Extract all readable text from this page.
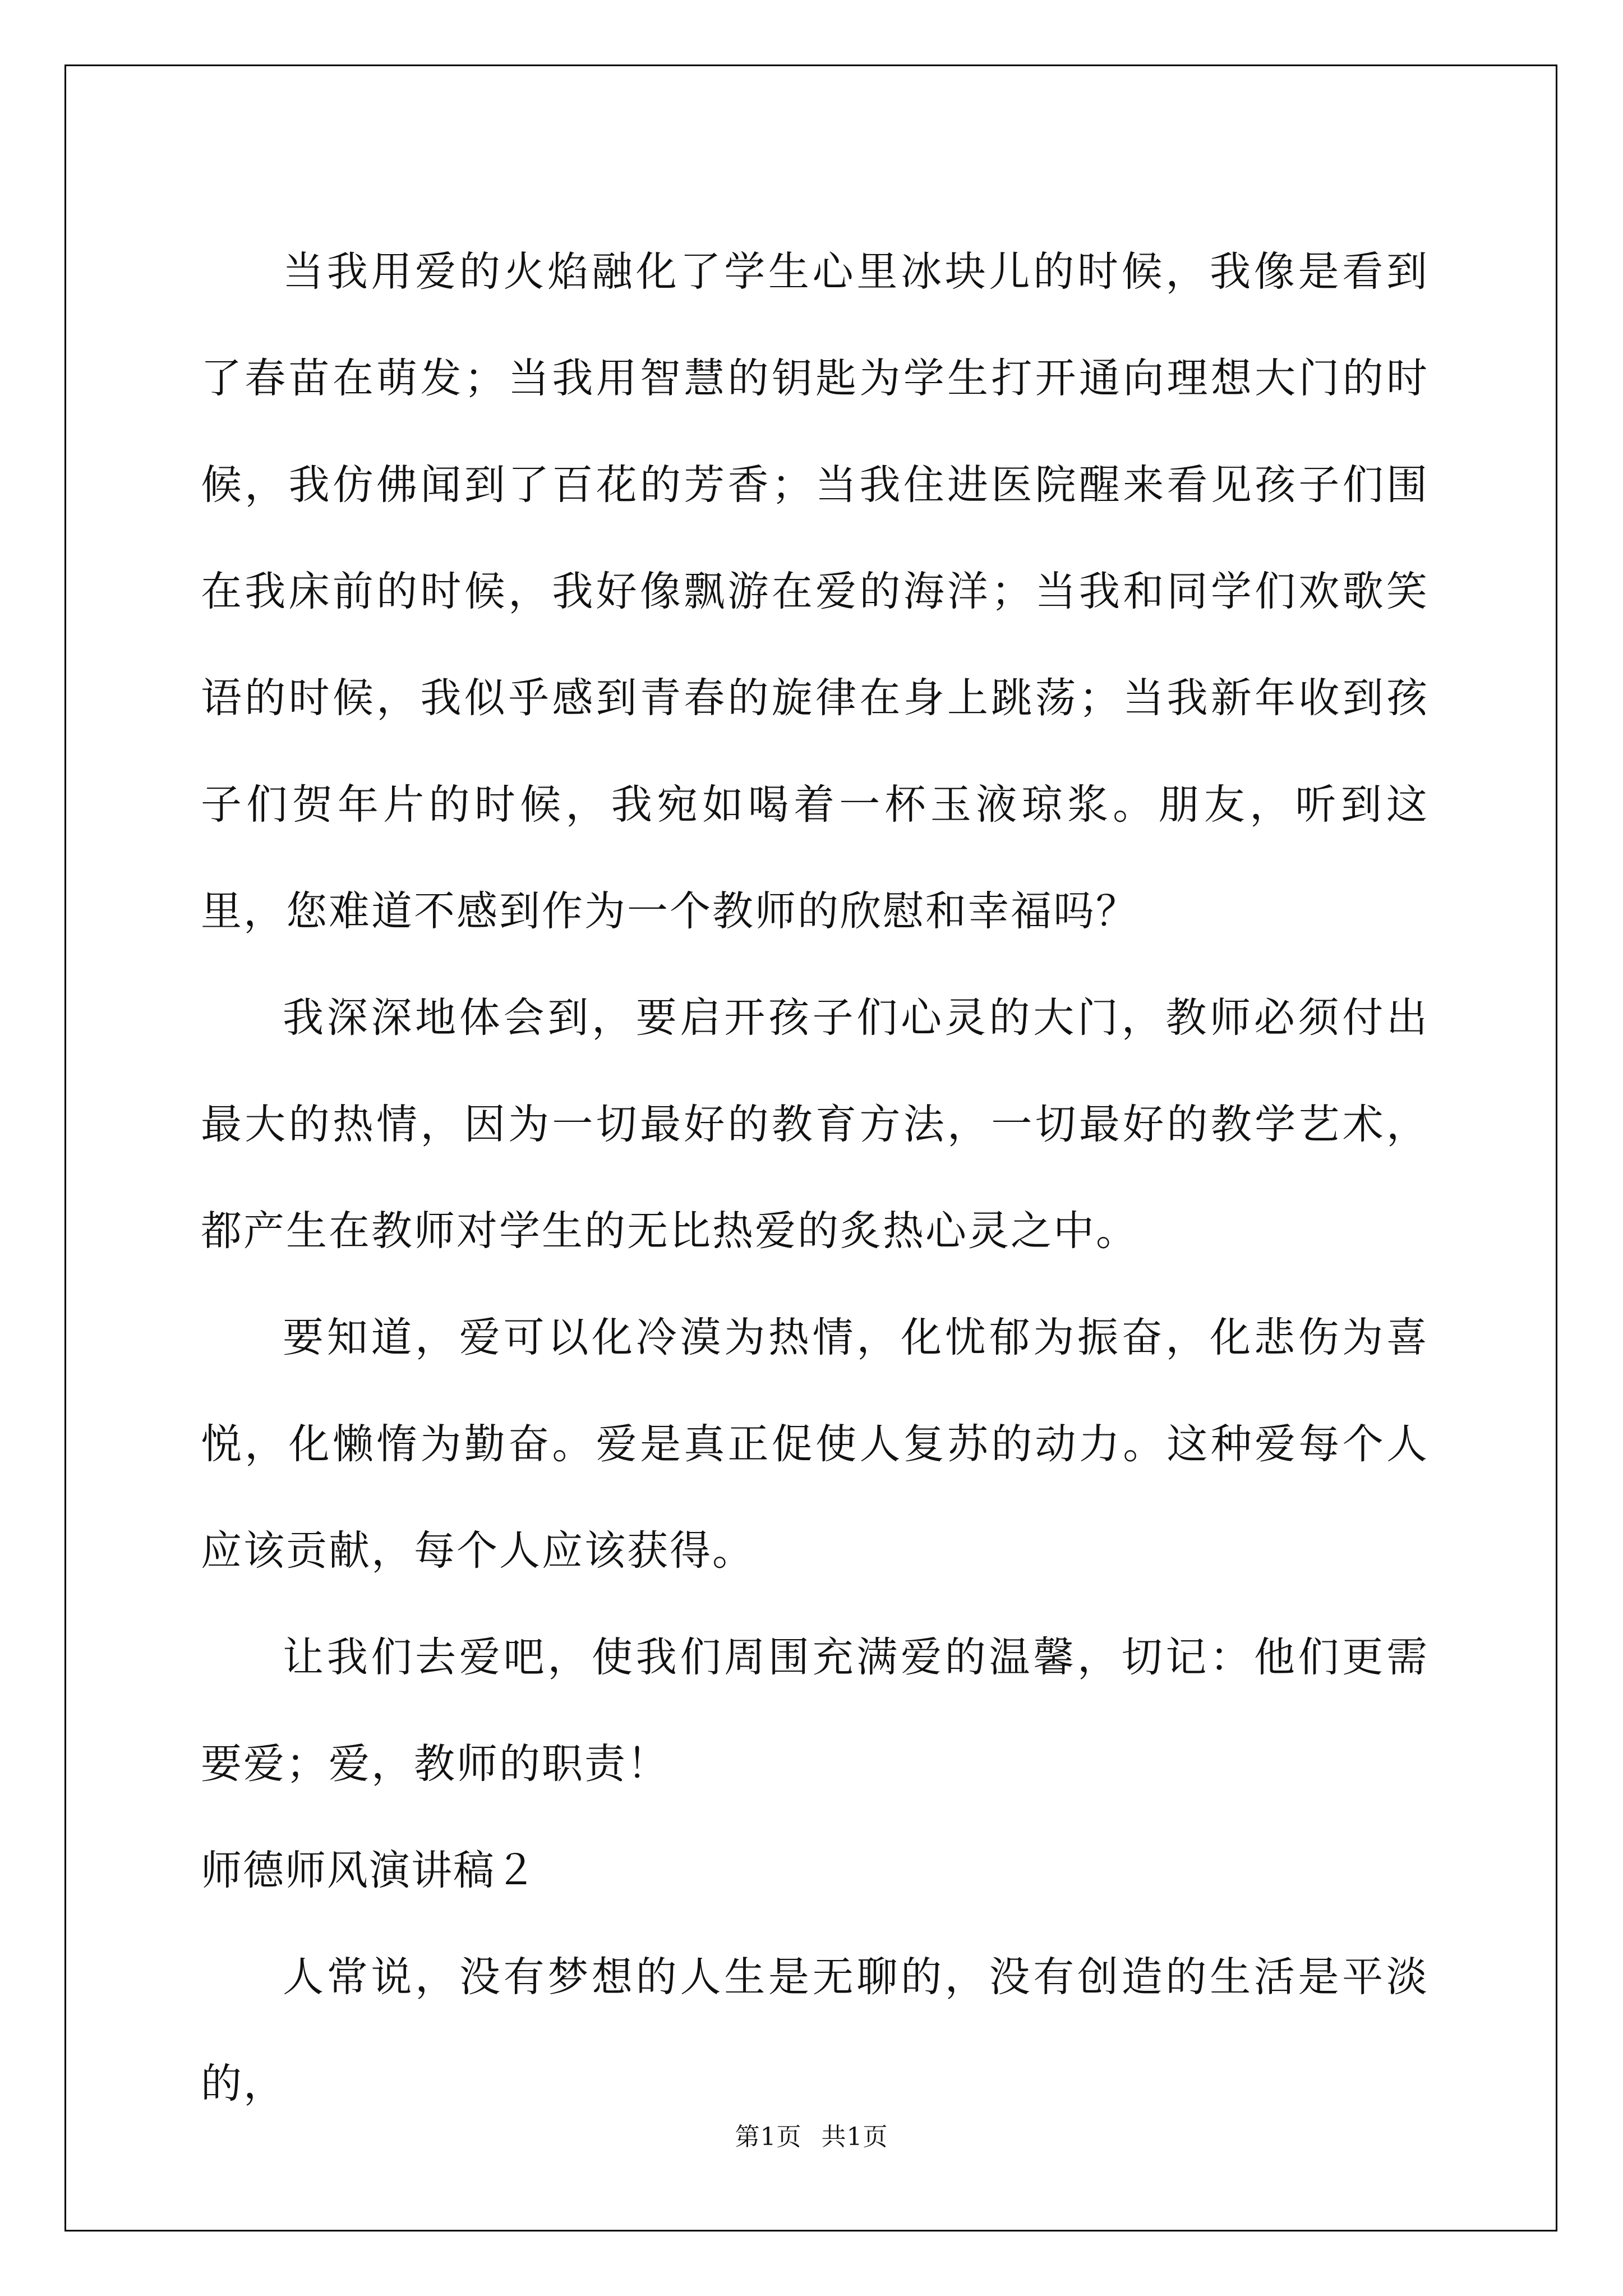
当我用爱的火焰融化了学生心里冰块儿的时候，我像是看到了春苗在萌发；当我用智慧的钥匙为学生打开通向理想大门的时候，我仿佛闻到了百花的芳香；当我住进医院醒来看见孩子们围在我床前的时候，我好像飘游在爱的海洋；当我和同学们欢歌笑语的时候，我似乎感到青春的旋律在身上跳荡；当我新年收到孩子们贺年片的时候，我宛如喝着一杯玉液琼浆。朋友，听到这里，您难道不感到作为一个教师的欣慰和幸福吗？

我深深地体会到，要启开孩子们心灵的大门，教师必须付出最大的热情，因为一切最好的教育方法，一切最好的教学艺术，都产生在教师对学生的无比热爱的炙热心灵之中。

要知道，爱可以化冷漠为热情，化忧郁为振奋，化悲伤为喜悦，化懒惰为勤奋。爱是真正促使人复苏的动力。这种爱每个人应该贡献，每个人应该获得。

让我们去爱吧，使我们周围充满爱的温馨，切记：他们更需要爱；爱，教师的职责！

师德师风演讲稿２

人常说，没有梦想的人生是无聊的，没有创造的生活是平淡的，

第1页 共1页
